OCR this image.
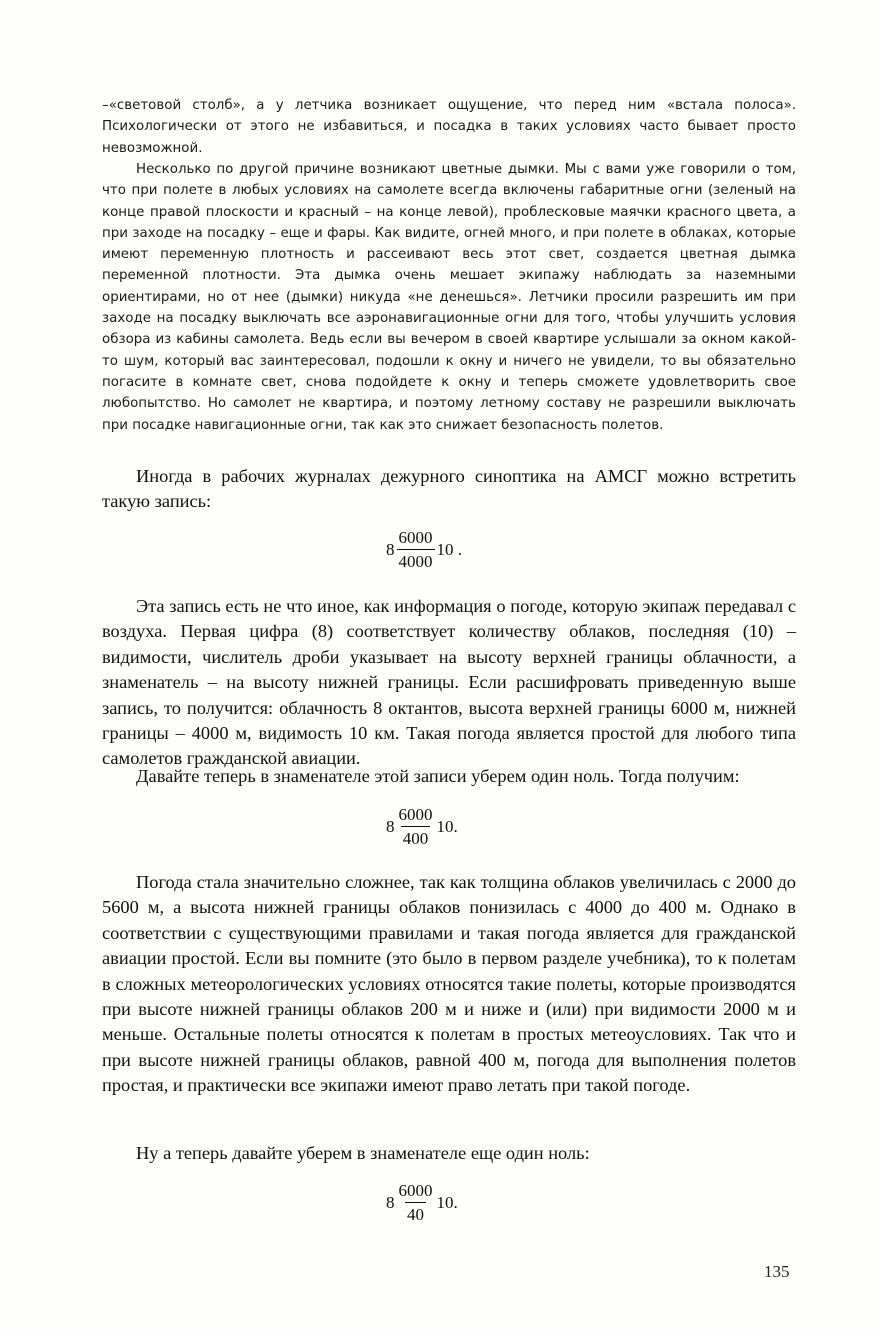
–«световой столб», а у летчика возникает ощущение, что перед ним «встала полоса». Психологически от этого не избавиться, и посадка в таких условиях часто бывает просто невозможной.

Несколько по другой причине возникают цветные дымки. Мы с вами уже говорили о том, что при полете в любых условиях на самолете всегда включены габаритные огни (зеленый на конце правой плоскости и красный – на конце левой), проблесковые маячки красного цвета, а при заходе на посадку – еще и фары. Как видите, огней много, и при полете в облаках, которые имеют переменную плотность и рассеивают весь этот свет, создается цветная дымка переменной плотности. Эта дымка очень мешает экипажу наблюдать за наземными ориентирами, но от нее (дымки) никуда «не денешься». Летчики просили разрешить им при заходе на посадку выключать все аэронавигационные огни для того, чтобы улучшить условия обзора из кабины самолета. Ведь если вы вечером в своей квартире услышали за окном какой-то шум, который вас заинтересовал, подошли к окну и ничего не увидели, то вы обязательно погасите в комнате свет, снова подойдете к окну и теперь сможете удовлетворить свое любопытство. Но самолет не квартира, и поэтому летному составу не разрешили выключать при посадке навигационные огни, так как это снижает безопасность полетов.

Иногда в рабочих журналах дежурного синоптика на АМСГ можно встретить такую запись:

$8 \frac{6000}{4000} 10$ .

Эта запись есть не что иное, как информация о погоде, которую экипаж передавал с воздуха. Первая цифра (8) соответствует количеству облаков, последняя (10) – видимости, числитель дроби указывает на высоту верхней границы облачности, а знаменатель – на высоту нижней границы. Если расшифровать приведенную выше запись, то получится: облачность 8 октантов, высота верхней границы 6000 м, нижней границы – 4000 м, видимость 10 км. Такая погода является простой для любого типа самолетов гражданской авиации.

Давайте теперь в знаменателе этой записи уберем один ноль. Тогда получим:

$8 \frac{6000}{400} 10$.

Погода стала значительно сложнее, так как толщина облаков увеличилась с 2000 до 5600 м, а высота нижней границы облаков понизилась с 4000 до 400 м. Однако в соответствии с существующими правилами и такая погода является для гражданской авиации простой. Если вы помните (это было в первом разделе учебника), то к полетам в сложных метеорологических условиях относятся такие полеты, которые производятся при высоте нижней границы облаков 200 м и ниже и (или) при видимости 2000 м и меньше. Остальные полеты относятся к полетам в простых метеоусловиях. Так что и при высоте нижней границы облаков, равной 400 м, погода для выполнения полетов простая, и практически все экипажи имеют право летать при такой погоде.

Ну а теперь давайте уберем в знаменателе еще один ноль:

$8 \frac{6000}{40} 10$.
135
